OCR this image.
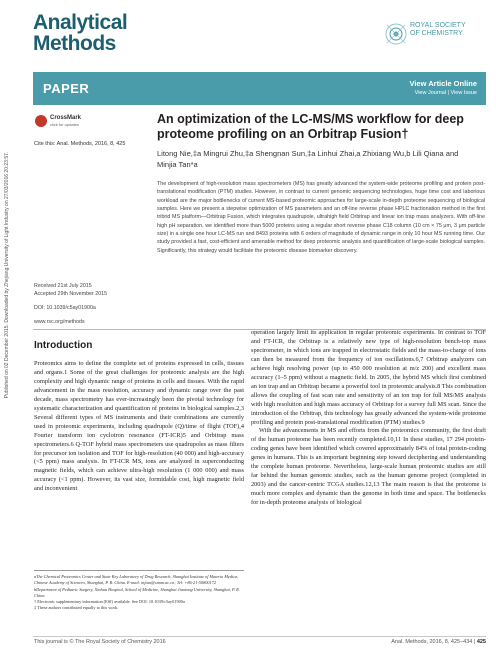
Analytical
Methods
ROYAL SOCIETY
OF CHEMISTRY
PAPER	View Article Online
View Journal | View Issue
Published on 02 December 2015. Downloaded by Zhejiang University of Light Industry on 27/03/2016 20:23:57.
CrossMark
click for updates
Cite this: Anal. Methods, 2016, 8, 425
An optimization of the LC-MS/MS workflow for deep proteome profiling on an Orbitrap Fusion†
Litong Nie,‡a Mingrui Zhu,‡a Shengnan Sun,‡a Linhui Zhai,a Zhixiang Wu,b Lili Qiana and Minjia Tan*a
The development of high-resolution mass spectrometers (MS) has greatly advanced the system-wide proteome profiling and protein post-translational modification (PTM) studies. However, in contrast to current genomic sequencing technologies, huge time cost and laborious workload are the major bottlenecks of current MS-based proteomic approaches for large-scale in-depth proteome sequencing of biological samples. Here we present a stepwise optimization of MS parameters and an off-line reverse phase HPLC fractionation method in the first tribrid MS platform—Orbitrap Fusion, which integrates quadrupole, ultrahigh field Orbitrap and linear ion trap mass analyzers. With off-line high pH separation, we identified more than 5000 proteins using a regular short reverse phase C18 column (10 cm × 75 μm, 3 μm particle size) in a single one hour LC-MS run and 8493 proteins with 6 orders of magnitude of dynamic range in only 10 hour MS running time. Our study provided a fast, cost-efficient and amenable method for deep proteomic analysis and quantification of large-scale biological samples. Significantly, this strategy would facilitate the proteomic disease biomarker discovery.
Received 21st July 2015
Accepted 29th November 2015
DOI: 10.1039/c5ay01900a
www.rsc.org/methods
Introduction
Proteomics aims to define the complete set of proteins expressed in cells, tissues and organs.1 Some of the great challenges for proteomic analysis are the high complexity and high dynamic range of proteins in cells and tissues. With the rapid advancement in the mass resolution, accuracy and dynamic range over the past decade, mass spectrometry has ever-increasingly been the pivotal technology for systematic characterization and quantification of proteins in biological samples.2,3 Several different types of MS instruments and their combinations are currently used in proteomic experiments, including quadrupole (Q)/time of flight (TOF),4 Fourier transform ion cyclotron resonance (FT-ICR)5 and Orbitrap mass spectrometers.6 Q-TOF hybrid mass spectrometers use quadrupoles as mass filters for precursor ion isolation and TOF for high-resolution (40 000) and high-accuracy (<5 ppm) mass analysis. In FT-ICR MS, ions are analyzed in superconducting magnetic fields, which can achieve ultra-high resolution (1 000 000) and mass accuracy (<1 ppm). However, its vast size, formidable cost, high magnetic field and inconvenient

operation largely limit its application in regular proteomic experiments. In contrast to TOF and FT-ICR, the Orbitrap is a relatively new type of high-resolution bench-top mass spectrometer, in which ions are trapped in electrostatic fields and the mass-to-charge of ions can then be measured from the frequency of ion oscillations.6,7 Orbitrap analyzers can achieve high resolving power (up to 450 000 resolution at m/z 200) and excellent mass accuracy (1–5 ppm) without a magnetic field. In 2005, the hybrid MS which first combined an ion trap and an Orbitrap became a powerful tool in proteomic analysis.8 This combination allows the coupling of fast scan rate and sensitivity of an ion trap for full MS/MS analysis with high resolution and high mass accuracy of Orbitrap for a survey full MS scan. Since the introduction of the Orbitrap, this technology has greatly advanced the system-wide proteome profiling and protein post-translational modification (PTM) studies.9

With the advancements in MS and efforts from the proteomics community, the first draft of the human proteome has been recently completed.10,11 In these studies, 17 294 protein-coding genes have been identified which covered approximately 84% of total protein-coding genes in humans. This is an important beginning step toward deciphering and understanding the complete human proteome. Nevertheless, large-scale human proteomic studies are still far behind the human genomic studies, such as the human genome project (completed in 2003) and the cancer-centric TCGA studies.12,13 The main reason is that the proteome is much more complex and dynamic than the genome in both time and space. The bottlenecks for in-depth proteome analysis of biological

aThe Chemical Proteomics Center and State Key Laboratory of Drug Research, Shanghai Institute of Materia Medica, Chinese Academy of Sciences, Shanghai, P. R. China. E-mail: mjtan@simm.ac.cn; Tel: +86-21-50800172
bDepartment of Pediatric Surgery, Xinhua Hospital, School of Medicine, Shanghai Jiaotong University, Shanghai, P. R. China
† Electronic supplementary information (ESI) available. See DOI: 10.1039/c5ay01900a
‡ These authors contributed equally to this work.
This journal is © The Royal Society of Chemistry 2016	Anal. Methods, 2016, 8, 425–434 | 425
